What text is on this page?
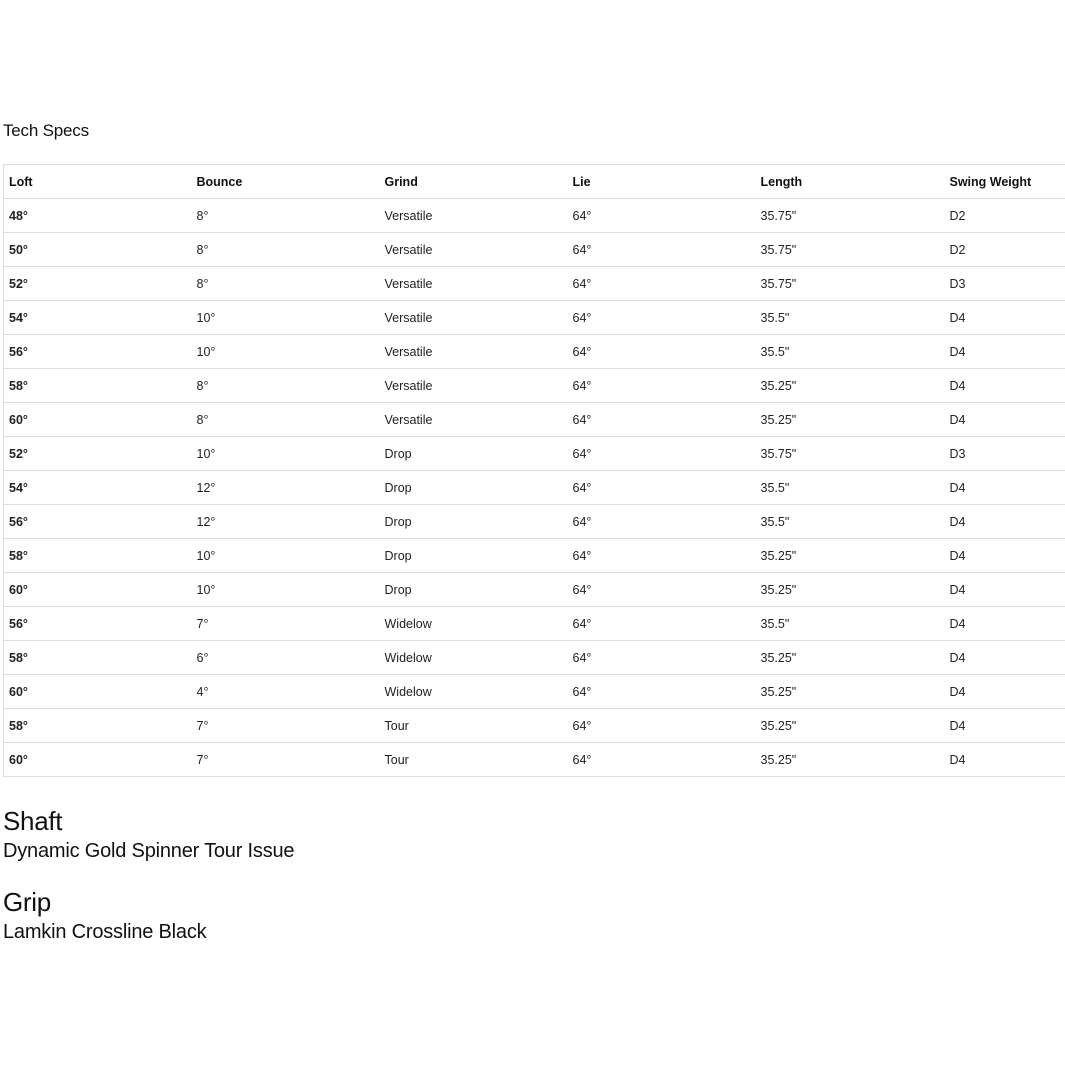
Tech Specs
Loft	Bounce	Grind	Lie	Length	Swing Weight
48°	8°	Versatile	64°	35.75"	D2
50°	8°	Versatile	64°	35.75"	D2
52°	8°	Versatile	64°	35.75"	D3
54°	10°	Versatile	64°	35.5"	D4
56°	10°	Versatile	64°	35.5"	D4
58°	8°	Versatile	64°	35.25"	D4
60°	8°	Versatile	64°	35.25"	D4
52°	10°	Drop	64°	35.75"	D3
54°	12°	Drop	64°	35.5"	D4
56°	12°	Drop	64°	35.5"	D4
58°	10°	Drop	64°	35.25"	D4
60°	10°	Drop	64°	35.25"	D4
56°	7°	Widelow	64°	35.5"	D4
58°	6°	Widelow	64°	35.25"	D4
60°	4°	Widelow	64°	35.25"	D4
58°	7°	Tour	64°	35.25"	D4
60°	7°	Tour	64°	35.25"	D4
Shaft
Dynamic Gold Spinner Tour Issue
Grip
Lamkin Crossline Black
